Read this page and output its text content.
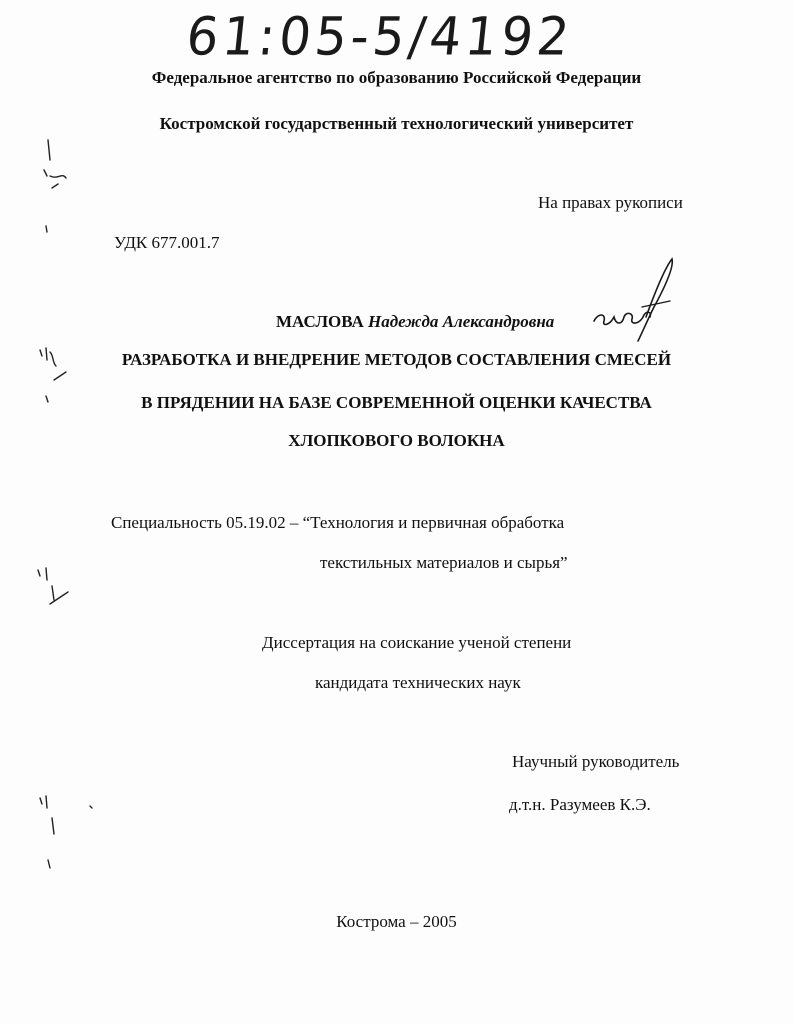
61:05-5/4192
Федеральное агентство по образованию Российской Федерации
Костромской государственный технологический университет
На правах рукописи
УДК 677.001.7
МАСЛОВА Надежда Александровна
РАЗРАБОТКА И ВНЕДРЕНИЕ МЕТОДОВ СОСТАВЛЕНИЯ СМЕСЕЙ
В ПРЯДЕНИИ НА БАЗЕ СОВРЕМЕННОЙ ОЦЕНКИ КАЧЕСТВА
ХЛОПКОВОГО ВОЛОКНА
Специальность 05.19.02 – “Технология и первичная обработка
текстильных материалов и сырья”
Диссертация на соискание ученой степени
кандидата технических наук
Научный руководитель
д.т.н. Разумеев К.Э.
Кострома – 2005
